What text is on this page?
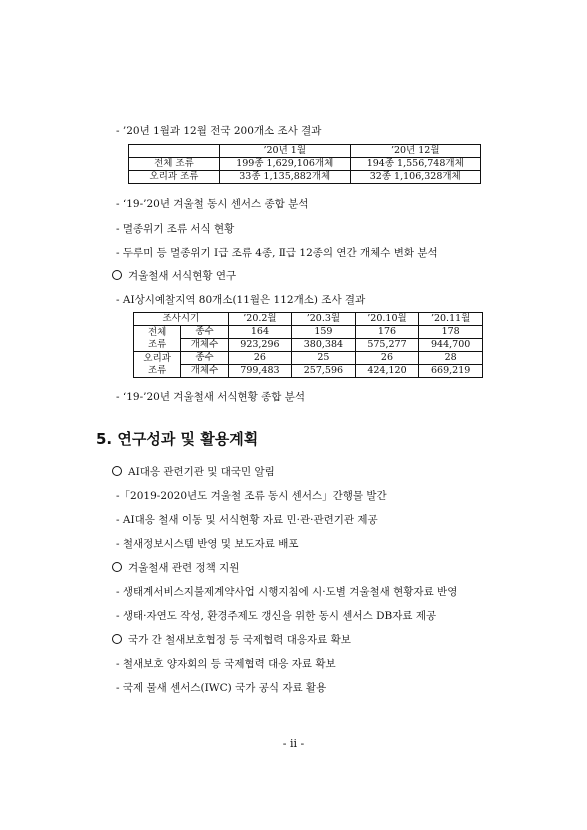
- ’20년 1월과 12월 전국 200개소 조사 결과
	’20년 1월	’20년 12월
전체 조류	199종 1,629,106개체	194종 1,556,748개체
오리과 조류	33종 1,135,882개체	32종 1,106,328개체
- ‘19-’20년 겨울철 동시 센서스 종합 분석
- 멸종위기 조류 서식 현황
- 두루미 등 멸종위기 Ⅰ급 조류 4종, Ⅱ급 12종의 연간 개체수 변화 분석
겨울철새 서식현황 연구
- AI상시예찰지역 80개소(11월은 112개소) 조사 결과
조사시기		’20.2월	’20.3월	’20.10월	’20.11월
전체
조류	종수	164	159	176	178
	개체수	923,296	380,384	575,277	944,700
오리과
조류	종수	26	25	26	28
	개체수	799,483	257,596	424,120	669,219
- ‘19-’20년 겨울철새 서식현황 종합 분석
5. 연구성과 및 활용계획
AI대응 관련기관 및 대국민 알림
-「2019-2020년도 겨울철 조류 동시 센서스」간행물 발간
- AI대응 철새 이동 및 서식현황 자료 민·관·관련기관 제공
- 철새정보시스템 반영 및 보도자료 배포
겨울철새 관련 정책 지원
- 생태계서비스지불제계약사업 시행지침에 시·도별 겨울철새 현황자료 반영
- 생태·자연도 작성, 환경주제도 갱신을 위한 동시 센서스 DB자료 제공
국가 간 철새보호협정 등 국제협력 대응자료 확보
- 철새보호 양자회의 등 국제협력 대응 자료 확보
- 국제 물새 센서스(IWC) 국가 공식 자료 활용
- ii -
